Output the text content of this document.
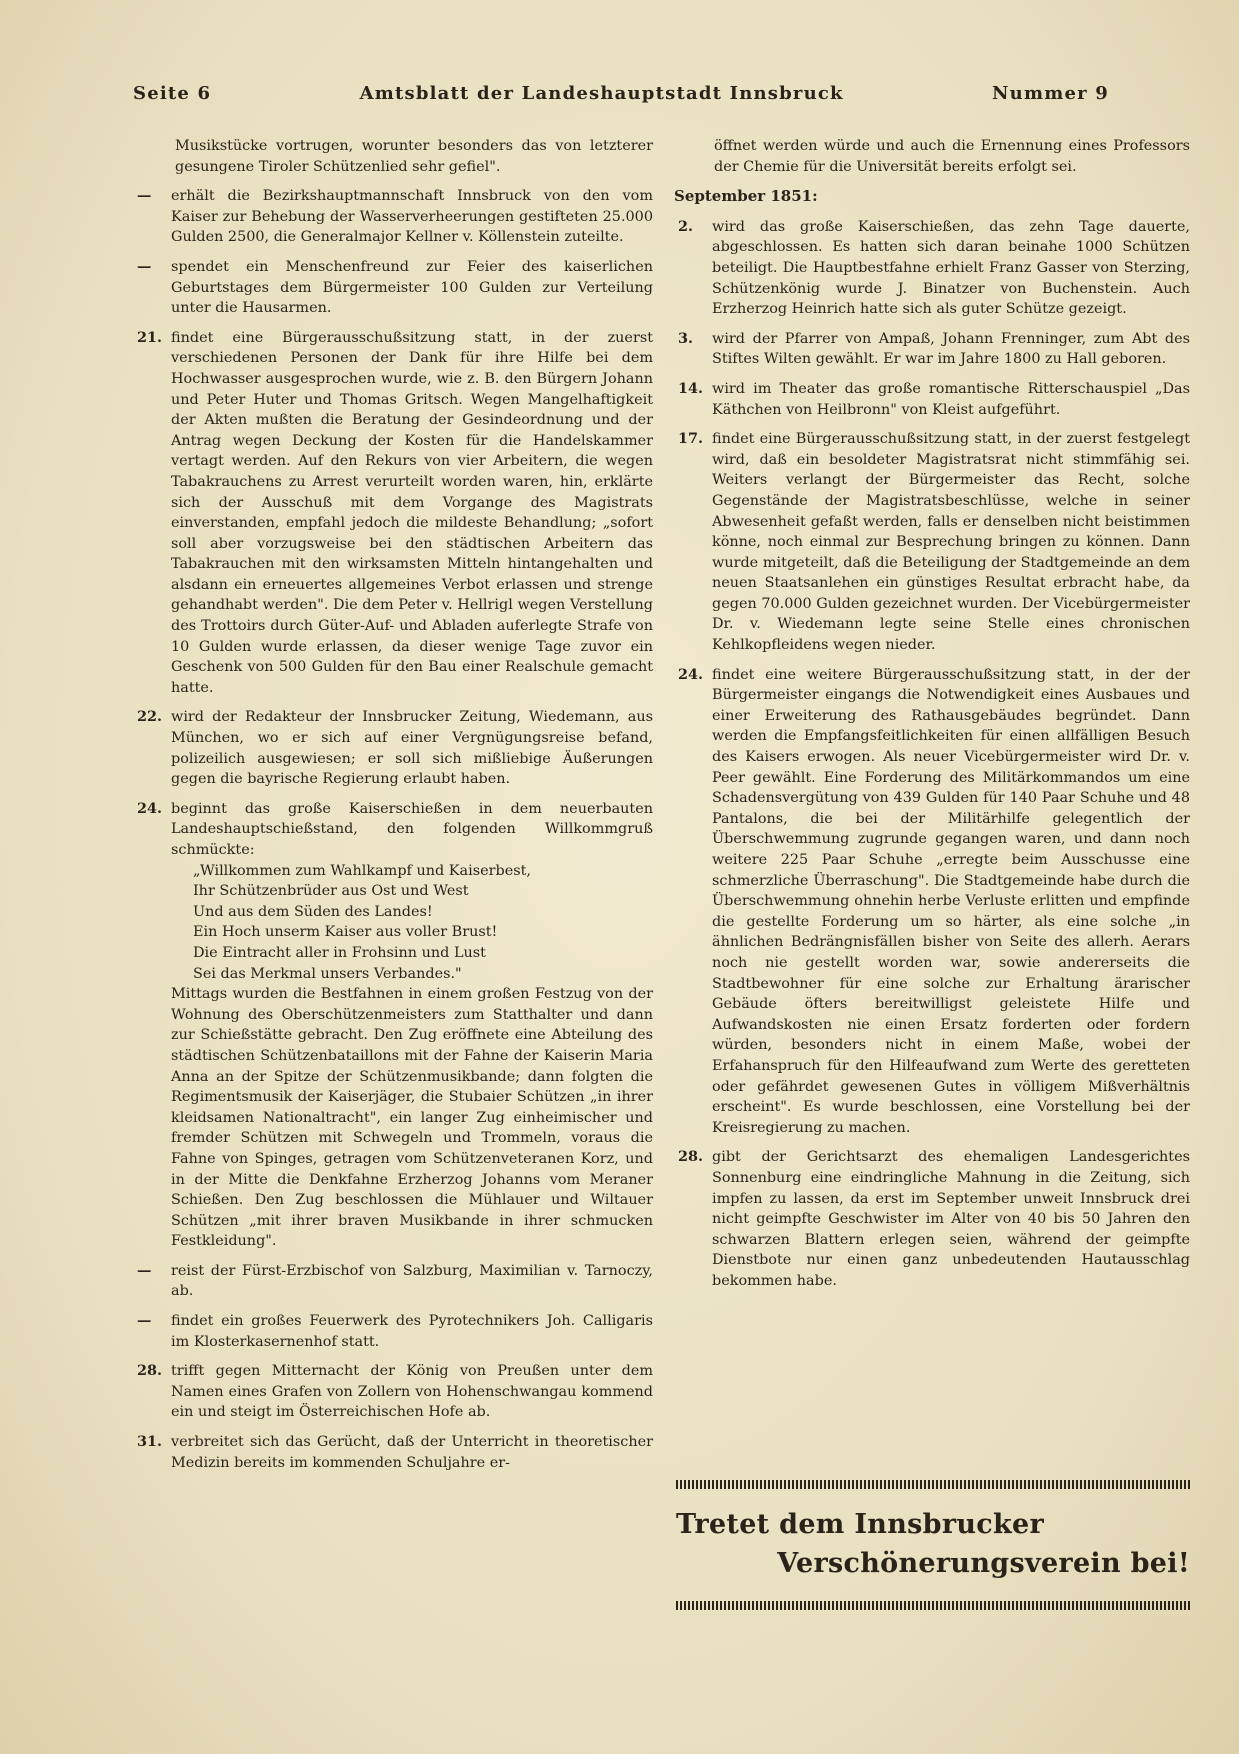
Seite 6	Amtsblatt der Landeshauptstadt Innsbruck	Nummer 9
Musikstücke vortrugen, worunter besonders das von letzterer gesungene Tiroler Schützenlied sehr gefiel".
—	erhält die Bezirkshauptmannschaft Innsbruck von den vom Kaiser zur Behebung der Wasserverheerungen gestifteten 25.000 Gulden 2500, die Generalmajor Kellner v. Köllenstein zuteilte.
—	spendet ein Menschenfreund zur Feier des kaiserlichen Geburtstages dem Bürgermeister 100 Gulden zur Verteilung unter die Hausarmen.
21. findet eine Bürgerausschußsitzung statt, in der zuerst verschiedenen Personen der Dank für ihre Hilfe bei dem Hochwasser ausgesprochen wurde, wie z. B. den Bürgern Johann und Peter Huter und Thomas Gritsch. Wegen Mangelhaftigkeit der Akten mußten die Beratung der Gesindeordnung und der Antrag wegen Deckung der Kosten für die Handelskammer vertagt werden. Auf den Rekurs von vier Arbeitern, die wegen Tabakrauchens zu Arrest verurteilt worden waren, hin, erklärte sich der Ausschuß mit dem Vorgange des Magistrats einverstanden, empfahl jedoch die mildeste Behandlung; „sofort soll aber vorzugsweise bei den städtischen Arbeitern das Tabakrauchen mit den wirksamsten Mitteln hintangehalten und alsdann ein erneuertes allgemeines Verbot erlassen und strenge gehandhabt werden". Die dem Peter v. Hellrigl wegen Verstellung des Trottoirs durch Güter-Auf- und Abladen auferlegte Strafe von 10 Gulden wurde erlassen, da dieser wenige Tage zuvor ein Geschenk von 500 Gulden für den Bau einer Realschule gemacht hatte.
22. wird der Redakteur der Innsbrucker Zeitung, Wiedemann, aus München, wo er sich auf einer Vergnügungsreise befand, polizeilich ausgewiesen; er soll sich mißliebige Äußerungen gegen die bayrische Regierung erlaubt haben.
24. beginnt das große Kaiserschießen in dem neuerbauten Landeshauptschießstand, den folgenden Willkommgruß schmückte:
„Willkommen zum Wahlkampf und Kaiserbest,
Ihr Schützenbrüder aus Ost und West
Und aus dem Süden des Landes!
Ein Hoch unserm Kaiser aus voller Brust!
Die Eintracht aller in Frohsinn und Lust
Sei das Merkmal unsers Verbandes."
Mittags wurden die Bestfahnen in einem großen Festzug von der Wohnung des Oberschützenmeisters zum Statthalter und dann zur Schießstätte gebracht. Den Zug eröffnete eine Abteilung des städtischen Schützenbataillons mit der Fahne der Kaiserin Maria Anna an der Spitze der Schützenmusikbande; dann folgten die Regimentsmusik der Kaiserjäger, die Stubaier Schützen „in ihrer kleidsamen Nationaltracht", ein langer Zug einheimischer und fremder Schützen mit Schwegeln und Trommeln, voraus die Fahne von Spinges, getragen vom Schützenveteranen Korz, und in der Mitte die Denkfahne Erzherzog Johanns vom Meraner Schießen. Den Zug beschlossen die Mühlauer und Wiltauer Schützen „mit ihrer braven Musikbande in ihrer schmucken Festkleidung".
—	reist der Fürst-Erzbischof von Salzburg, Maximilian v. Tarnoczy, ab.
—	findet ein großes Feuerwerk des Pyrotechnikers Joh. Calligaris im Klosterkasernenhof statt.
28. trifft gegen Mitternacht der König von Preußen unter dem Namen eines Grafen von Zollern von Hohenschwangau kommend ein und steigt im Österreichischen Hofe ab.
31. verbreitet sich das Gerücht, daß der Unterricht in theoretischer Medizin bereits im kommenden Schuljahre er-
öffnet werden würde und auch die Ernennung eines Professors der Chemie für die Universität bereits erfolgt sei.
September 1851:
2.	wird das große Kaiserschießen, das zehn Tage dauerte, abgeschlossen. Es hatten sich daran beinahe 1000 Schützen beteiligt. Die Hauptbestfahne erhielt Franz Gasser von Sterzing, Schützenkönig wurde J. Binatzer von Buchenstein. Auch Erzherzog Heinrich hatte sich als guter Schütze gezeigt.
3.	wird der Pfarrer von Ampaß, Johann Frenninger, zum Abt des Stiftes Wilten gewählt. Er war im Jahre 1800 zu Hall geboren.
14. wird im Theater das große romantische Ritterschauspiel „Das Käthchen von Heilbronn" von Kleist aufgeführt.
17. findet eine Bürgerausschußsitzung statt, in der zuerst festgelegt wird, daß ein besoldeter Magistratsrat nicht stimmfähig sei. Weiters verlangt der Bürgermeister das Recht, solche Gegenstände der Magistratsbeschlüsse, welche in seiner Abwesenheit gefaßt werden, falls er denselben nicht beistimmen könne, noch einmal zur Besprechung bringen zu können. Dann wurde mitgeteilt, daß die Beteiligung der Stadtgemeinde an dem neuen Staatsanlehen ein günstiges Resultat erbracht habe, da gegen 70.000 Gulden gezeichnet wurden. Der Vicebürgermeister Dr. v. Wiedemann legte seine Stelle eines chronischen Kehlkopfleidens wegen nieder.
24. findet eine weitere Bürgerausschußsitzung statt, in der der Bürgermeister eingangs die Notwendigkeit eines Ausbaues und einer Erweiterung des Rathausgebäudes begründet. Dann werden die Empfangsfeitlichkeiten für einen allfälligen Besuch des Kaisers erwogen. Als neuer Vicebürgermeister wird Dr. v. Peer gewählt. Eine Forderung des Militärkommandos um eine Schadensvergütung von 439 Gulden für 140 Paar Schuhe und 48 Pantalons, die bei der Militärhilfe gelegentlich der Überschwemmung zugrunde gegangen waren, und dann noch weitere 225 Paar Schuhe „erregte beim Ausschusse eine schmerzliche Überraschung". Die Stadtgemeinde habe durch die Überschwemmung ohnehin herbe Verluste erlitten und empfinde die gestellte Forderung um so härter, als eine solche „in ähnlichen Bedrängnisfällen bisher von Seite des allerh. Aerars noch nie gestellt worden war, sowie andererseits die Stadtbewohner für eine solche zur Erhaltung ärarischer Gebäude öfters bereitwilligst geleistete Hilfe und Aufwandskosten nie einen Ersatz forderten oder fordern würden, besonders nicht in einem Maße, wobei der Erfahanspruch für den Hilfeaufwand zum Werte des geretteten oder gefährdet gewesenen Gutes in völligem Mißverhältnis erscheint". Es wurde beschlossen, eine Vorstellung bei der Kreisregierung zu machen.
28. gibt der Gerichtsarzt des ehemaligen Landesgerichtes Sonnenburg eine eindringliche Mahnung in die Zeitung, sich impfen zu lassen, da erst im September unweit Innsbruck drei nicht geimpfte Geschwister im Alter von 40 bis 50 Jahren den schwarzen Blattern erlegen seien, während der geimpfte Dienstbote nur einen ganz unbedeutenden Hautausschlag bekommen habe.
Tretet dem Innsbrucker
Verschönerungsverein bei!
